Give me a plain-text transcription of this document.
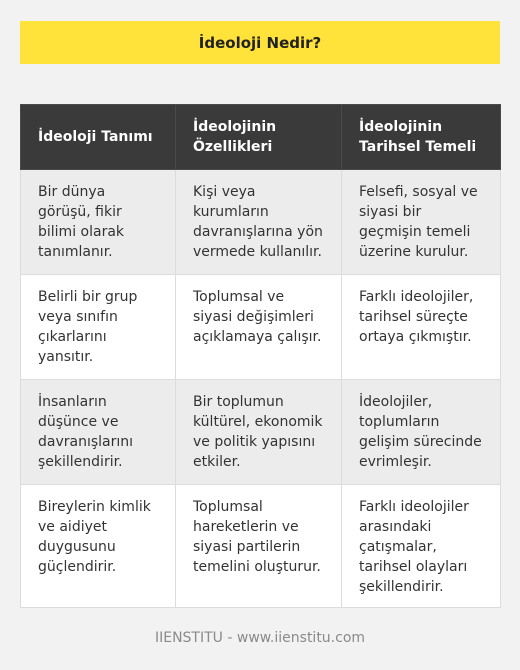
İdeoloji Nedir?
İdeoloji Tanımı	İdeolojinin Özellikleri	İdeolojinin Tarihsel Temeli
Bir dünya görüşü, fikir bilimi olarak tanımlanır.	Kişi veya kurumların davranışlarına yön vermede kullanılır.	Felsefi, sosyal ve siyasi bir geçmişin temeli üzerine kurulur.
Belirli bir grup veya sınıfın çıkarlarını yansıtır.	Toplumsal ve siyasi değişimleri açıklamaya çalışır.	Farklı ideolojiler, tarihsel süreçte ortaya çıkmıştır.
İnsanların düşünce ve davranışlarını şekillendirir.	Bir toplumun kültürel, ekonomik ve politik yapısını etkiler.	İdeolojiler, toplumların gelişim sürecinde evrimleşir.
Bireylerin kimlik ve aidiyet duygusunu güçlendirir.	Toplumsal hareketlerin ve siyasi partilerin temelini oluşturur.	Farklı ideolojiler arasındaki çatışmalar, tarihsel olayları şekillendirir.
IIENSTITU - www.iienstitu.com
